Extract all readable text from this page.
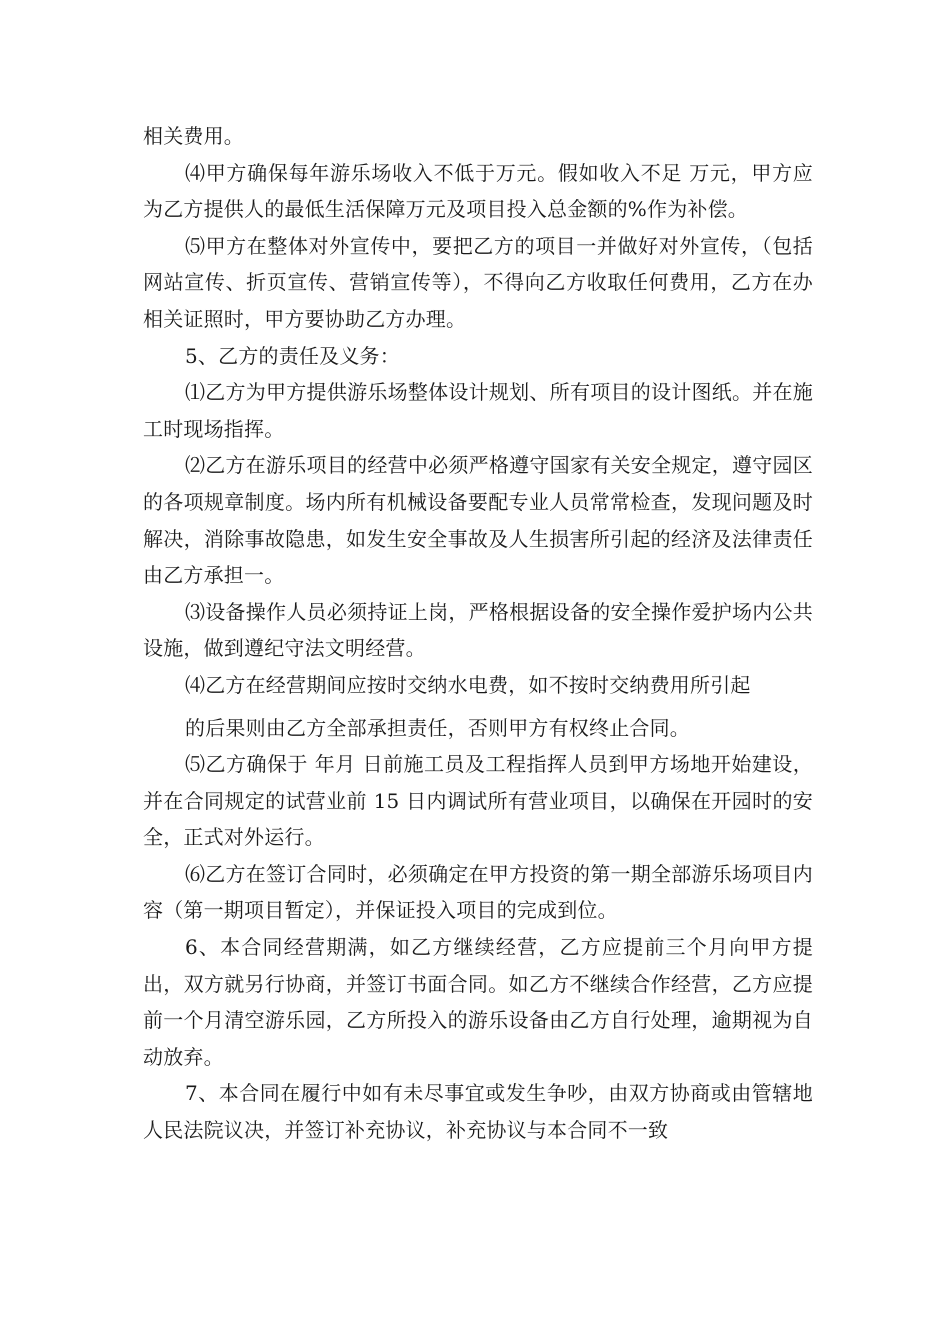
相关费用。

⑷甲方确保每年游乐场收入不低于万元。假如收入不足 万元，甲方应为乙方提供人的最低生活保障万元及项目投入总金额的%作为补偿。

⑸甲方在整体对外宣传中，要把乙方的项目一并做好对外宣传，（包括网站宣传、折页宣传、营销宣传等），不得向乙方收取任何费用，乙方在办相关证照时，甲方要协助乙方办理。

5、乙方的责任及义务：

⑴乙方为甲方提供游乐场整体设计规划、所有项目的设计图纸。并在施工时现场指挥。

⑵乙方在游乐项目的经营中必须严格遵守国家有关安全规定，遵守园区的各项规章制度。场内所有机械设备要配专业人员常常检查，发现问题及时解决，消除事故隐患，如发生安全事故及人生损害所引起的经济及法律责任由乙方承担一。

⑶设备操作人员必须持证上岗，严格根据设备的安全操作爱护场内公共设施，做到遵纪守法文明经营。

⑷乙方在经营期间应按时交纳水电费，如不按时交纳费用所引起

的后果则由乙方全部承担责任，否则甲方有权终止合同。

⑸乙方确保于 年月 日前施工员及工程指挥人员到甲方场地开始建设，并在合同规定的试营业前 15 日内调试所有营业项目，以确保在开园时的安全，正式对外运行。

⑹乙方在签订合同时，必须确定在甲方投资的第一期全部游乐场项目内容（第一期项目暂定），并保证投入项目的完成到位。

6、本合同经营期满，如乙方继续经营，乙方应提前三个月向甲方提出，双方就另行协商，并签订书面合同。如乙方不继续合作经营，乙方应提前一个月清空游乐园，乙方所投入的游乐设备由乙方自行处理，逾期视为自动放弃。

7、本合同在履行中如有未尽事宜或发生争吵，由双方协商或由管辖地人民法院议决，并签订补充协议，补充协议与本合同不一致
